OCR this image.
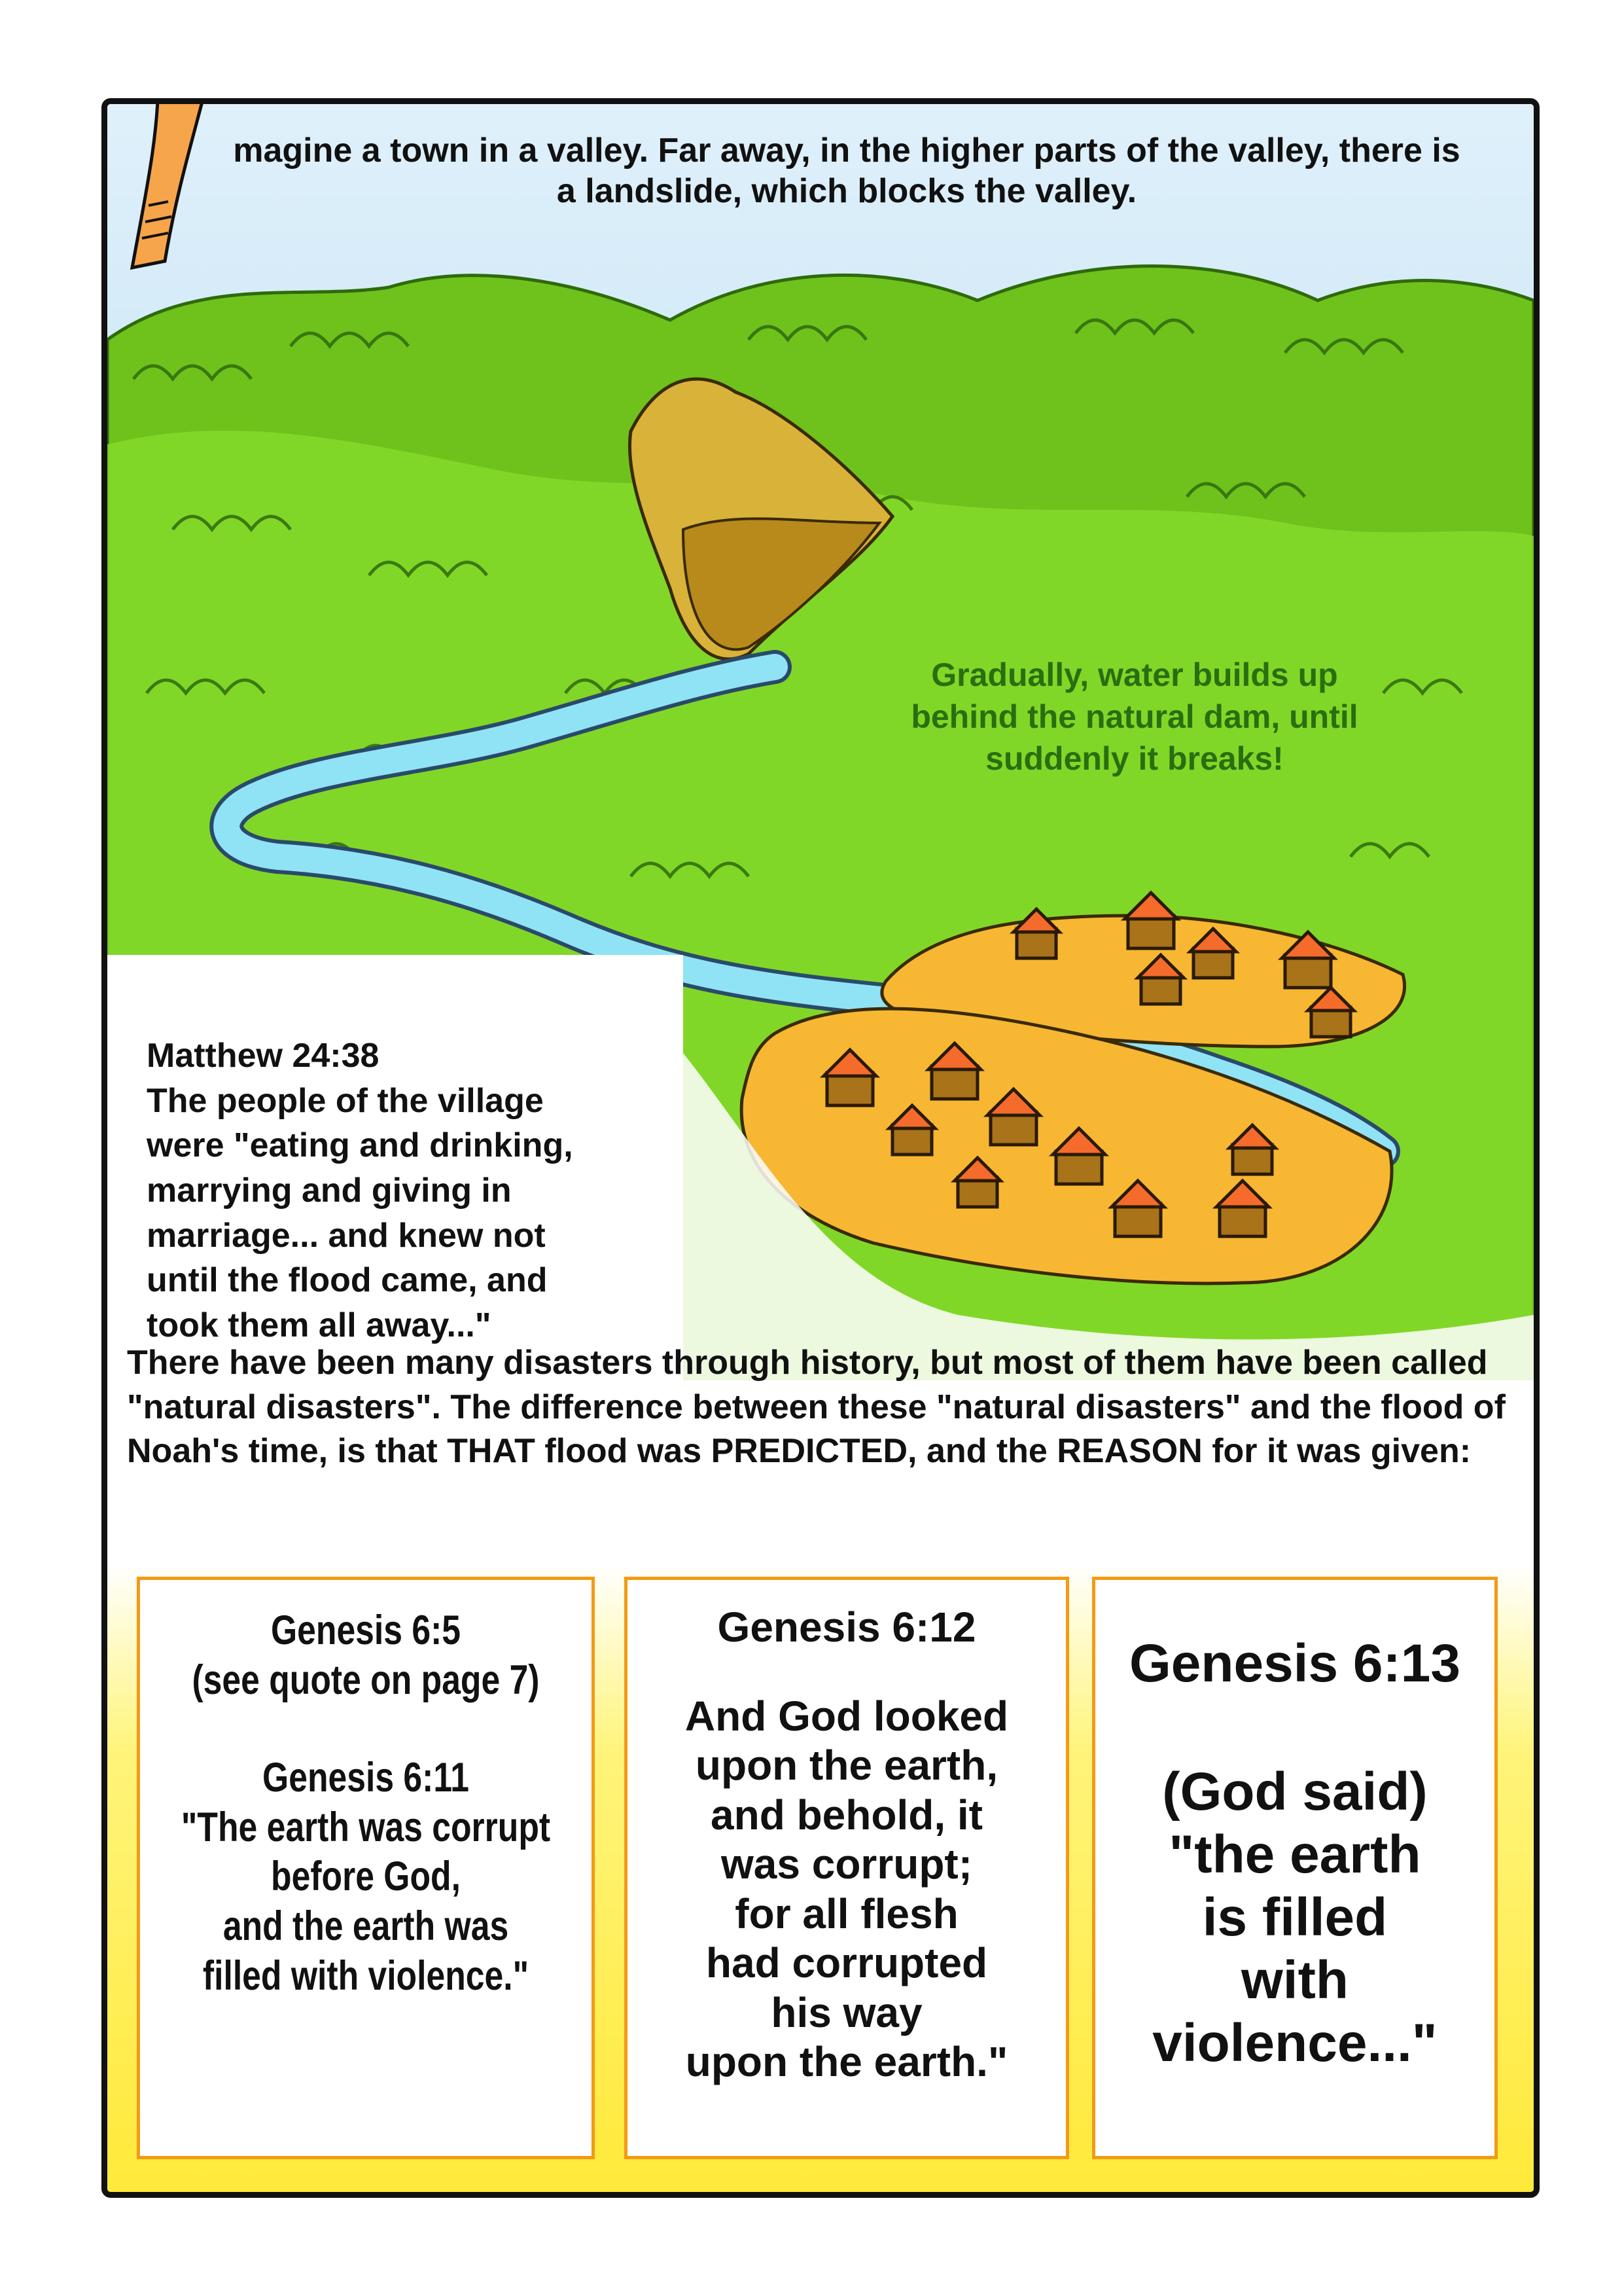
magine a town in a valley. Far away, in the higher parts of the valley, there is a landslide, which blocks the valley.

Gradually, water builds up behind the natural dam, until suddenly it breaks!

Matthew 24:38

The people of the village

were "eating and drinking,

marrying and giving in

marriage... and knew not

until the flood came, and

took them all away..."

There have been many disasters through history, but most of them have been called "natural disasters". The difference between these "natural disasters" and the flood of Noah's time, is that THAT flood was PREDICTED, and the REASON for it was given:

Genesis 6:5
(see quote on page 7)
Genesis 6:11
"The earth was corrupt
before God,
and the earth was
filled with violence."
Genesis 6:12
And God looked
upon the earth,
and behold, it
was corrupt;
for all flesh
had corrupted
his way
upon the earth."
Genesis 6:13
(God said)
"the earth
is filled
with
violence..."
